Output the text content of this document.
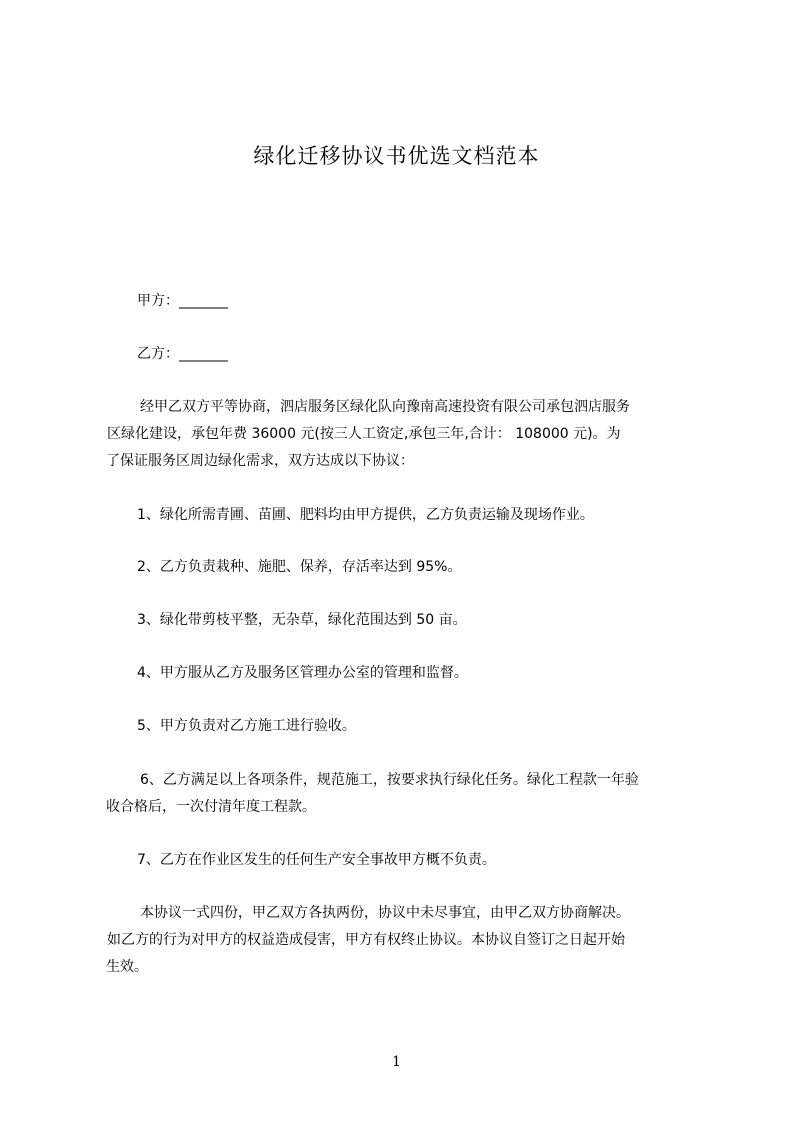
绿化迁移协议书优选文档范本
甲方：_______
乙方：_______
经甲乙双方平等协商，泗店服务区绿化队向豫南高速投资有限公司承包泗店服务
区绿化建设，承包年费 36000 元(按三人工资定,承包三年,合计： 108000 元)。为
了保证服务区周边绿化需求，双方达成以下协议：
1、绿化所需青圃、苗圃、肥料均由甲方提供，乙方负责运输及现场作业。
2、乙方负责栽种、施肥、保养，存活率达到 95%。
3、绿化带剪枝平整，无杂草，绿化范围达到 50 亩。
4、甲方服从乙方及服务区管理办公室的管理和监督。
5、甲方负责对乙方施工进行验收。
6、乙方满足以上各项条件，规范施工，按要求执行绿化任务。绿化工程款一年验
收合格后，一次付清年度工程款。
7、乙方在作业区发生的任何生产安全事故甲方概不负责。
本协议一式四份，甲乙双方各执两份，协议中未尽事宜，由甲乙双方协商解决。
如乙方的行为对甲方的权益造成侵害，甲方有权终止协议。本协议自签订之日起开始
生效。
1
